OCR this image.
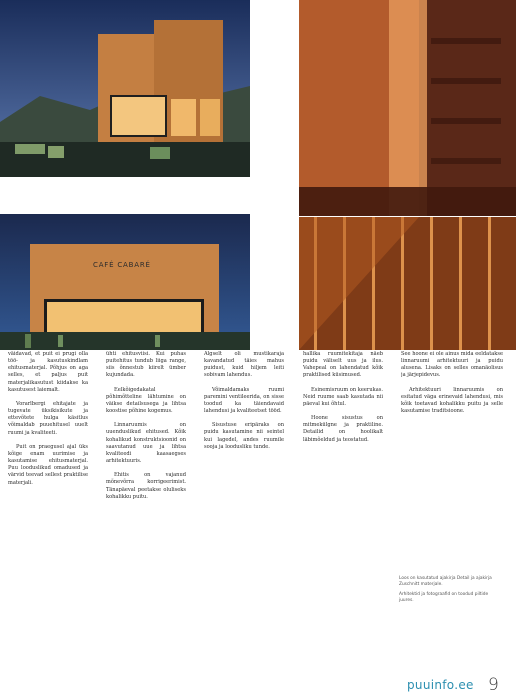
CAFÉ CABARÉ

väidavad, et puit ei prugi olla töö- ja kasutuskindlam ehitusmaterjal. Põhjus on aga selles, et paljus puit materjalikasutust kiidakse ka kasutusest laiemalt.

Vorarlbergi ehitajate ja tugevate üksikisikute ja ettevõtete hulga käsitlus võimaldab puuehitusel uuelt ruumi ja kvaliteeti.

Puit on praegusel ajal üks kõige enam uurimise ja kasutamise ehitusmaterjal. Puu looduslikud omadused ja värvid teevad sellest praktilise materjali.

ühti ehitusviisi. Kui puhas puitehitus tundub liiga range, siis õnnestub kiirelt ümber kujundada.

Eelkõigedakatal põhimõtteline lähtumine on väikse detailsusega ja lihtsa koostise põhine kogemus.

Linnaruumis on uuenduslikud ehitused. Kõik kohalikud konstruktsioonid on saavutanud uue ja lihtsa kvaliteedi kaasaegses arhitektuuris.

Ehitis on vajanud mõnevõrra korrigeerimist. Tänapäeval peetakse oluliseks kohalikku puitu.

Algselt oli mustikaraja kavandatud täies mahus puidust, kuid hiljem leiti sobivam lahendus.

Võimaldamaks ruumi paremini ventileerida, on sisse toodud ka täiendavaid lahendusi ja kvaliteetset tööd.

Sisustuse eripäraks on puidu kasutamine nii seintel kui lagedel, andes ruumile sooja ja loodusliku tunde.

hallika ruumitekitaja näeb puidu väliselt uus ja ilus. Vahepeal on lahendatud kõik praktilised küsimused.

Esinemisruum on keerukas. Neid ruume saab kasutada nii päeval kui õhtul.

Hoone sisustus on mitmekülgne ja praktiline. Detailid on hoolikalt läbimõeldud ja teostatud.

See hoone ei ole ainus mida eeldatakse linnaruumi arhitektuuri ja puidu alusena. Lisaks on selles omanäolisus ja järjepidevus.

Arhitektuuri linnaruumis on esitatud väga erinevaid lahendusi, mis kõik toetavad kohalikku puitu ja selle kasutamise traditsioone.

Loos on kasutatud ajakirja Detail ja ajakirja Zuschnitt materjale.

Arhitektid ja fotograafid on toodud piltide juures.

puuinfo.ee 9
